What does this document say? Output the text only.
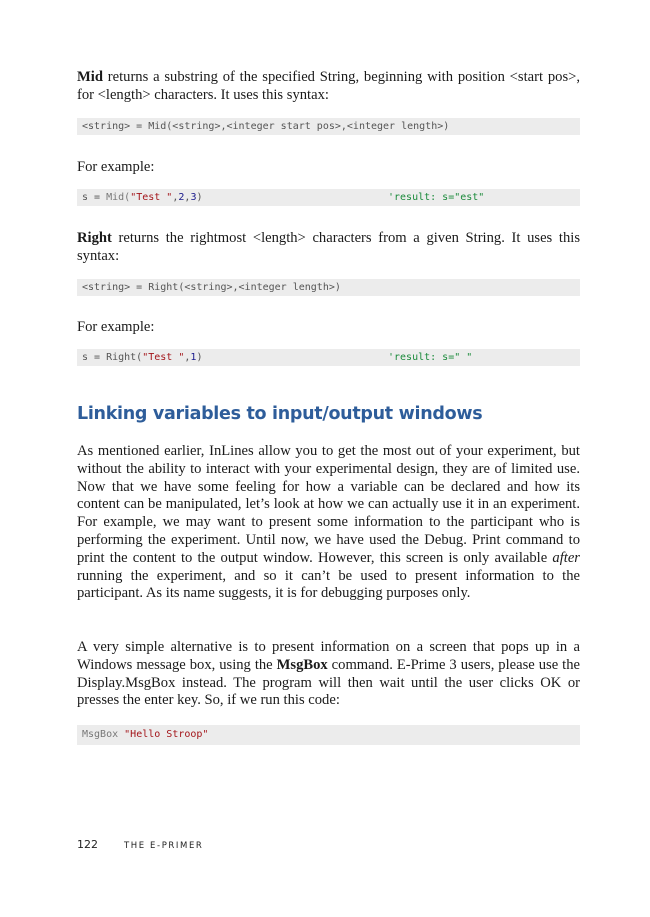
Mid returns a substring of the specified String, beginning with position <start pos>, for <length> characters. It uses this syntax:

<string> = Mid(<string>,<integer start pos>,<integer length>)

For example:

s = Mid("Test ",2,3)	'result: s="est"

Right returns the rightmost <length> characters from a given String. It uses this syntax:

<string> = Right(<string>,<integer length>)

For example:

s = Right("Test ",1)	'result: s=" "
Linking variables to input/output windows

As mentioned earlier, InLines allow you to get the most out of your experiment, but without the ability to interact with your experimental design, they are of limited use. Now that we have some feeling for how a variable can be declared and how its content can be manipulated, let’s look at how we can actually use it in an experiment. For example, we may want to present some information to the participant who is performing the experiment. Until now, we have used the Debug. Print command to print the content to the output window. However, this screen is only available after running the experiment, and so it can’t be used to present information to the participant. As its name suggests, it is for debugging purposes only.

A very simple alternative is to present information on a screen that pops up in a Windows message box, using the MsgBox command. E-Prime 3 users, please use the Display.MsgBox instead. The program will then wait until the user clicks OK or presses the enter key. So, if we run this code:

MsgBox "Hello Stroop"
122	THE E-PRIMER
